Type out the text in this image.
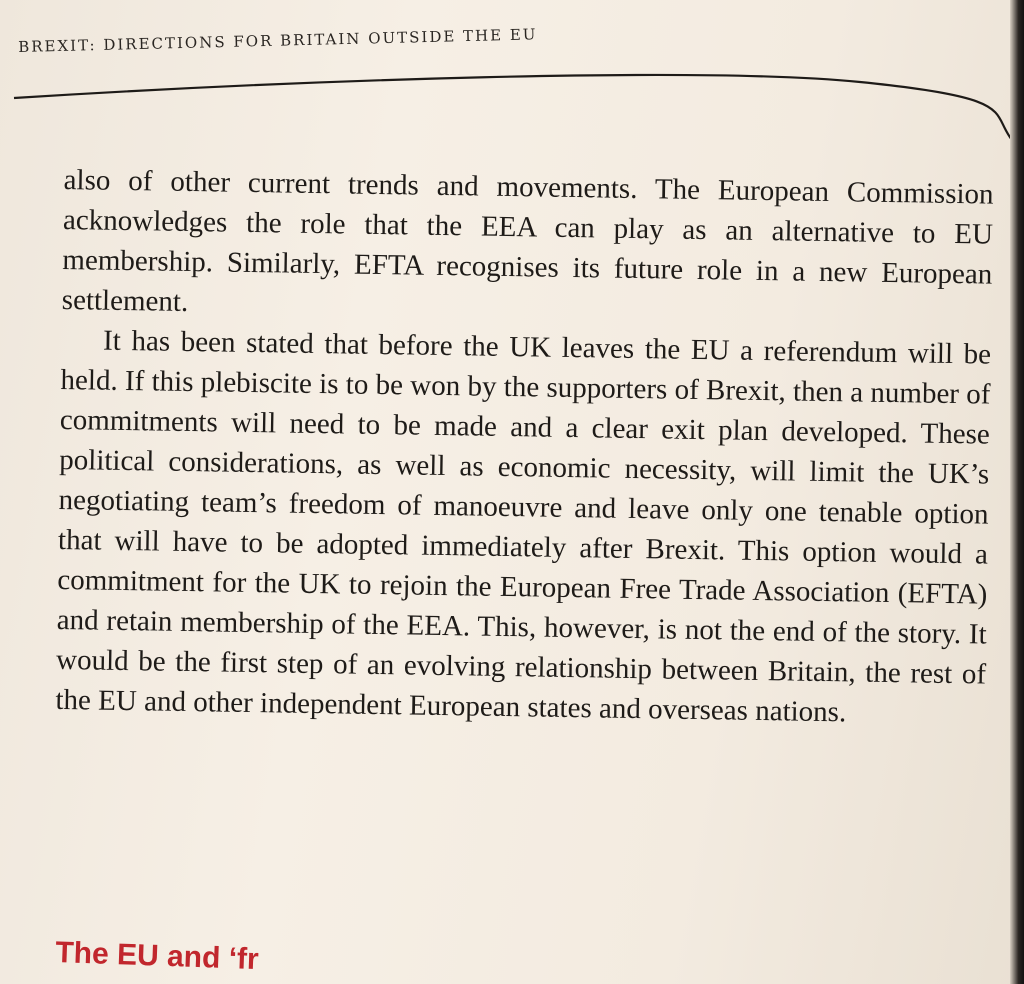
BREXIT: DIRECTIONS FOR BRITAIN OUTSIDE THE EU

also of other current trends and movements. The European Commission acknowledges the role that the EEA can play as an alternative to EU membership. Similarly, EFTA recognises its future role in a new European settlement.

It has been stated that before the UK leaves the EU a referendum will be held. If this plebiscite is to be won by the supporters of Brexit, then a number of commitments will need to be made and a clear exit plan developed. These political considerations, as well as economic necessity, will limit the UK’s negotiating team’s freedom of manoeuvre and leave only one tenable option that will have to be adopted immediately after Brexit. This option would a commitment for the UK to rejoin the European Free Trade Association (EFTA) and retain membership of the EEA. This, however, is not the end of the story. It would be the first step of an evolving relationship between Britain, the rest of the EU and other independent European states and overseas nations.

The EU and ‘fr
